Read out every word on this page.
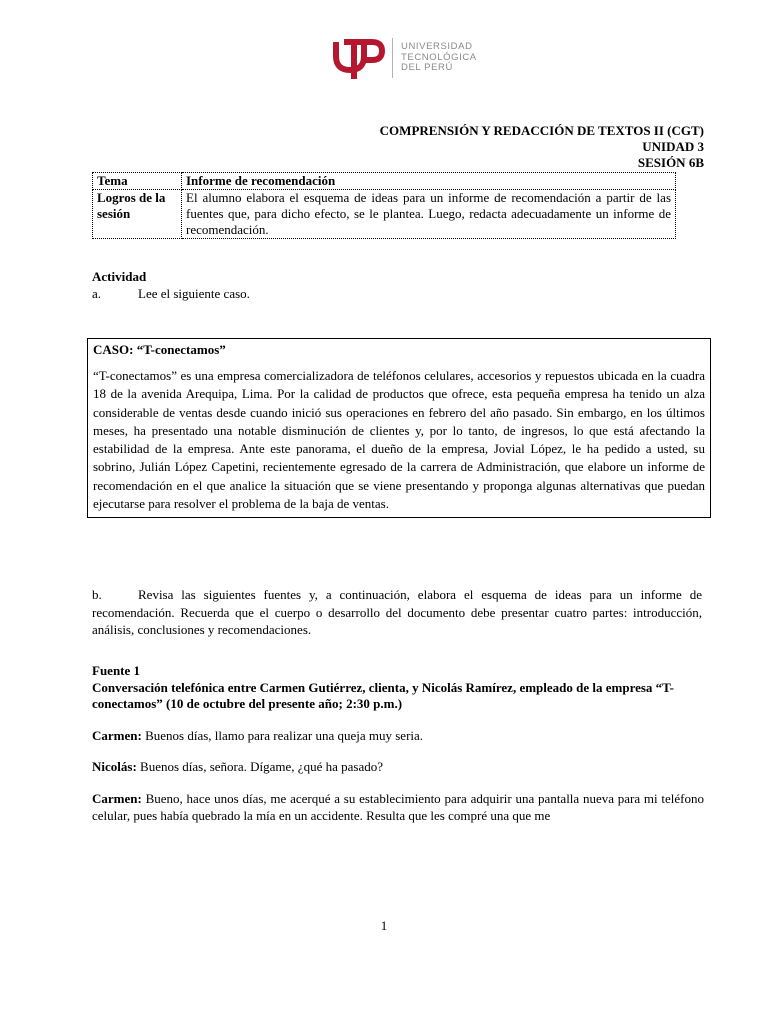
UNIVERSIDAD
TECNOLÓGICA
DEL PERÚ
COMPRENSIÓN Y REDACCIÓN DE TEXTOS II (CGT)
UNIDAD 3
SESIÓN 6B
Tema	Informe de recomendación
Logros de la sesión	El alumno elabora el esquema de ideas para un informe de recomendación a partir de las fuentes que, para dicho efecto, se le plantea. Luego, redacta adecuadamente un informe de recomendación.
Actividad
a.	Lee el siguiente caso.
CASO: “T-conectamos”

“T-conectamos” es una empresa comercializadora de teléfonos celulares, accesorios y repuestos ubicada en la cuadra 18 de la avenida Arequipa, Lima. Por la calidad de productos que ofrece, esta pequeña empresa ha tenido un alza considerable de ventas desde cuando inició sus operaciones en febrero del año pasado. Sin embargo, en los últimos meses, ha presentado una notable disminución de clientes y, por lo tanto, de ingresos, lo que está afectando la estabilidad de la empresa. Ante este panorama, el dueño de la empresa, Jovial López, le ha pedido a usted, su sobrino, Julián López Capetini, recientemente egresado de la carrera de Administración, que elabore un informe de recomendación en el que analice la situación que se viene presentando y proponga algunas alternativas que puedan ejecutarse para resolver el problema de la baja de ventas.

b.	Revisa las siguientes fuentes y, a continuación, elabora el esquema de ideas para un informe de recomendación. Recuerda que el cuerpo o desarrollo del documento debe presentar cuatro partes: introducción, análisis, conclusiones y recomendaciones.
Fuente 1
Conversación telefónica entre Carmen Gutiérrez, clienta, y Nicolás Ramírez, empleado de la empresa “T-conectamos” (10 de octubre del presente año; 2:30 p.m.)
Carmen: Buenos días, llamo para realizar una queja muy seria.
Nicolás: Buenos días, señora. Dígame, ¿qué ha pasado?
Carmen: Bueno, hace unos días, me acerqué a su establecimiento para adquirir una pantalla nueva para mi teléfono celular, pues había quebrado la mía en un accidente. Resulta que les compré una que me
1
